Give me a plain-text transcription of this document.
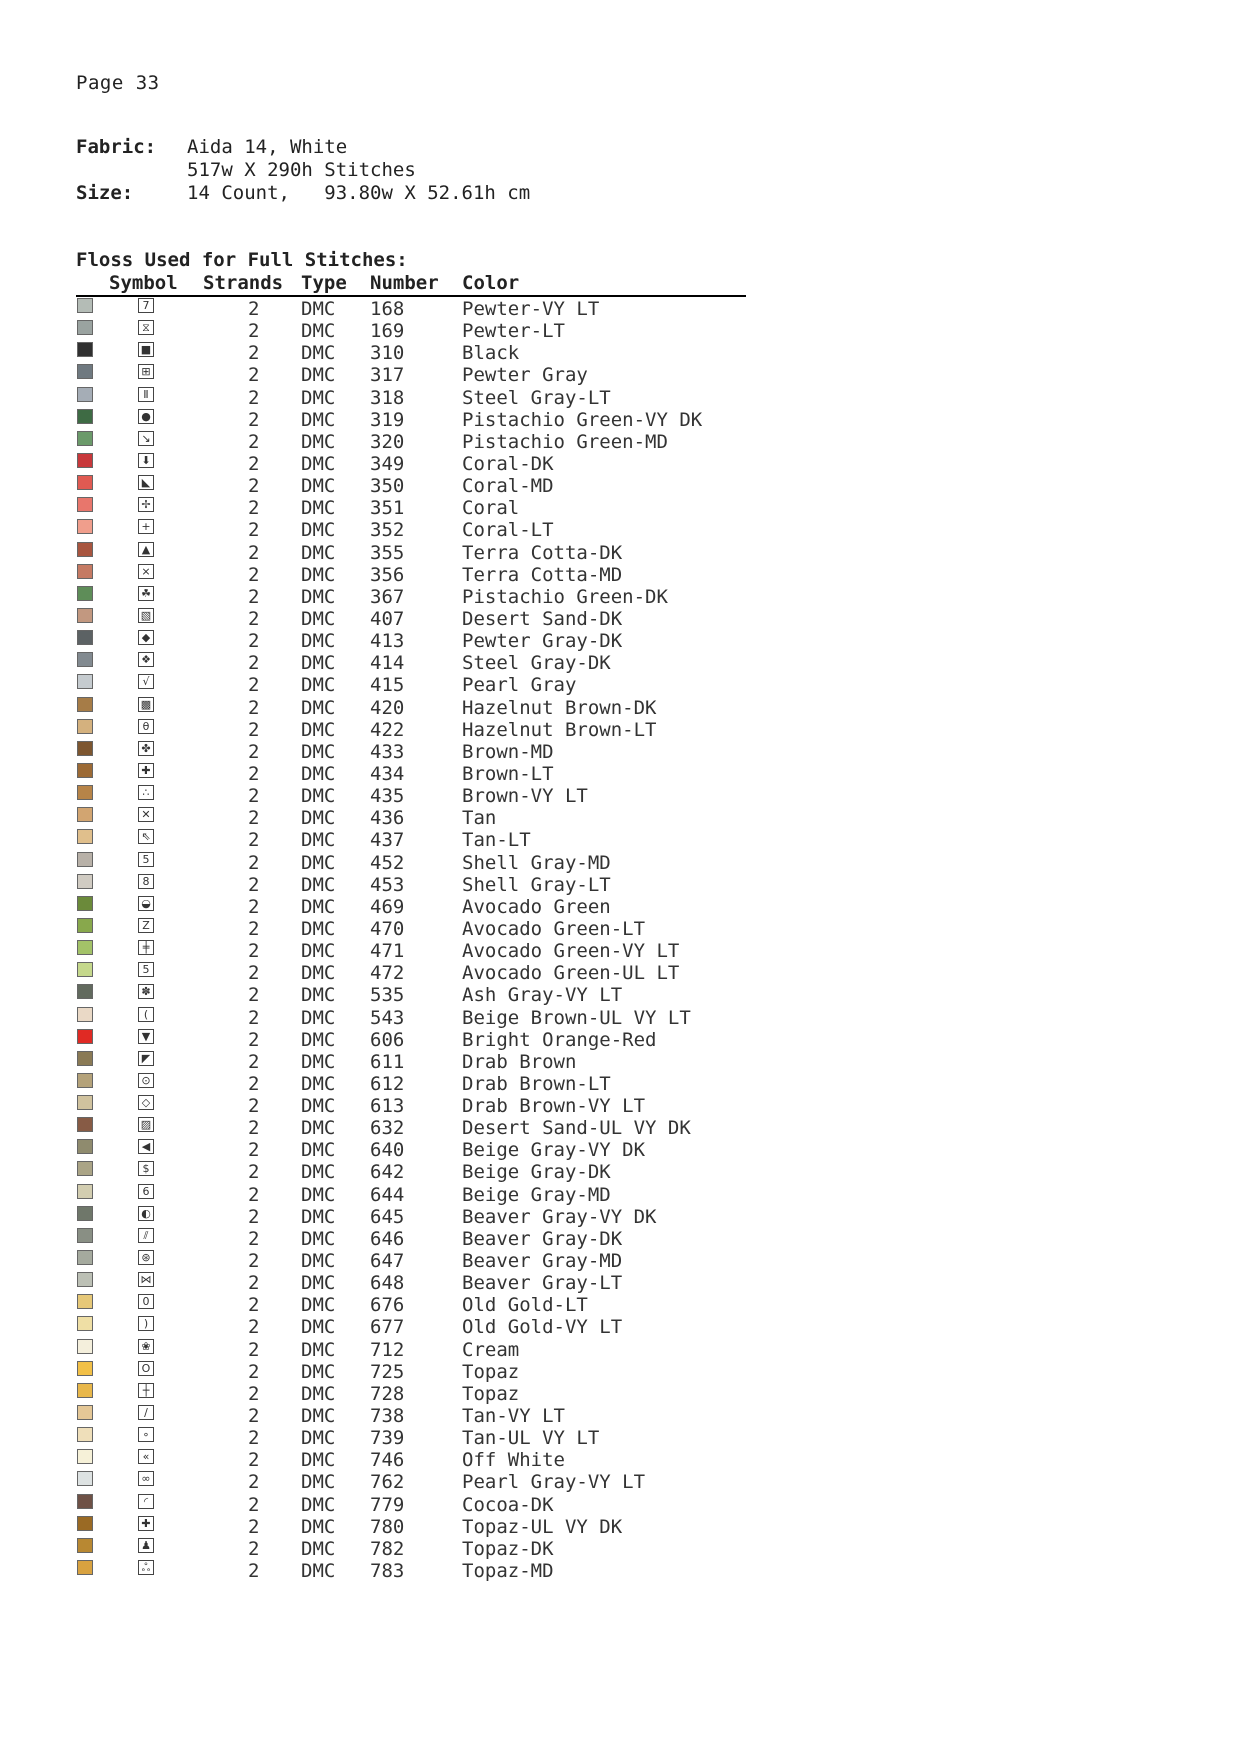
Page 33
Fabric:	Aida 14, White
517w X 290h Stitches
Size:	14 Count,   93.80w X 52.61h cm
Floss Used for Full Stitches:
Symbol Strands Type Number Color
7	2 DMC 168	Pewter-VY LT
⧖	2 DMC 169	Pewter-LT
■	2 DMC 310	Black
⊞	2 DMC 317	Pewter Gray
Ⅱ	2 DMC 318	Steel Gray-LT
●	2 DMC 319	Pistachio Green-VY DK
↘	2 DMC 320	Pistachio Green-MD
⬇	2 DMC 349	Coral-DK
◣	2 DMC 350	Coral-MD
✢	2 DMC 351	Coral
+	2 DMC 352	Coral-LT
▲	2 DMC 355	Terra Cotta-DK
⨯	2 DMC 356	Terra Cotta-MD
☘	2 DMC 367	Pistachio Green-DK
▧	2 DMC 407	Desert Sand-DK
◆	2 DMC 413	Pewter Gray-DK
❖	2 DMC 414	Steel Gray-DK
√	2 DMC 415	Pearl Gray
▩	2 DMC 420	Hazelnut Brown-DK
θ	2 DMC 422	Hazelnut Brown-LT
✤	2 DMC 433	Brown-MD
✚	2 DMC 434	Brown-LT
∴	2 DMC 435	Brown-VY LT
✕	2 DMC 436	Tan
⇖	2 DMC 437	Tan-LT
5	2 DMC 452	Shell Gray-MD
8	2 DMC 453	Shell Gray-LT
◒	2 DMC 469	Avocado Green
Z	2 DMC 470	Avocado Green-LT
╪	2 DMC 471	Avocado Green-VY LT
5	2 DMC 472	Avocado Green-UL LT
✽	2 DMC 535	Ash Gray-VY LT
(	2 DMC 543	Beige Brown-UL VY LT
▼	2 DMC 606	Bright Orange-Red
◤	2 DMC 611	Drab Brown
⊙	2 DMC 612	Drab Brown-LT
◇	2 DMC 613	Drab Brown-VY LT
▨	2 DMC 632	Desert Sand-UL VY DK
◀	2 DMC 640	Beige Gray-VY DK
$	2 DMC 642	Beige Gray-DK
6	2 DMC 644	Beige Gray-MD
◐	2 DMC 645	Beaver Gray-VY DK
⫽	2 DMC 646	Beaver Gray-DK
⊛	2 DMC 647	Beaver Gray-MD
⋈	2 DMC 648	Beaver Gray-LT
0	2 DMC 676	Old Gold-LT
)	2 DMC 677	Old Gold-VY LT
❀	2 DMC 712	Cream
O	2 DMC 725	Topaz
┼	2 DMC 728	Topaz
∕	2 DMC 738	Tan-VY LT
∘	2 DMC 739	Tan-UL VY LT
«	2 DMC 746	Off White
∞	2 DMC 762	Pearl Gray-VY LT
◜	2 DMC 779	Cocoa-DK
✚	2 DMC 780	Topaz-UL VY DK
♟	2 DMC 782	Topaz-DK
ஃ	2 DMC 783	Topaz-MD
